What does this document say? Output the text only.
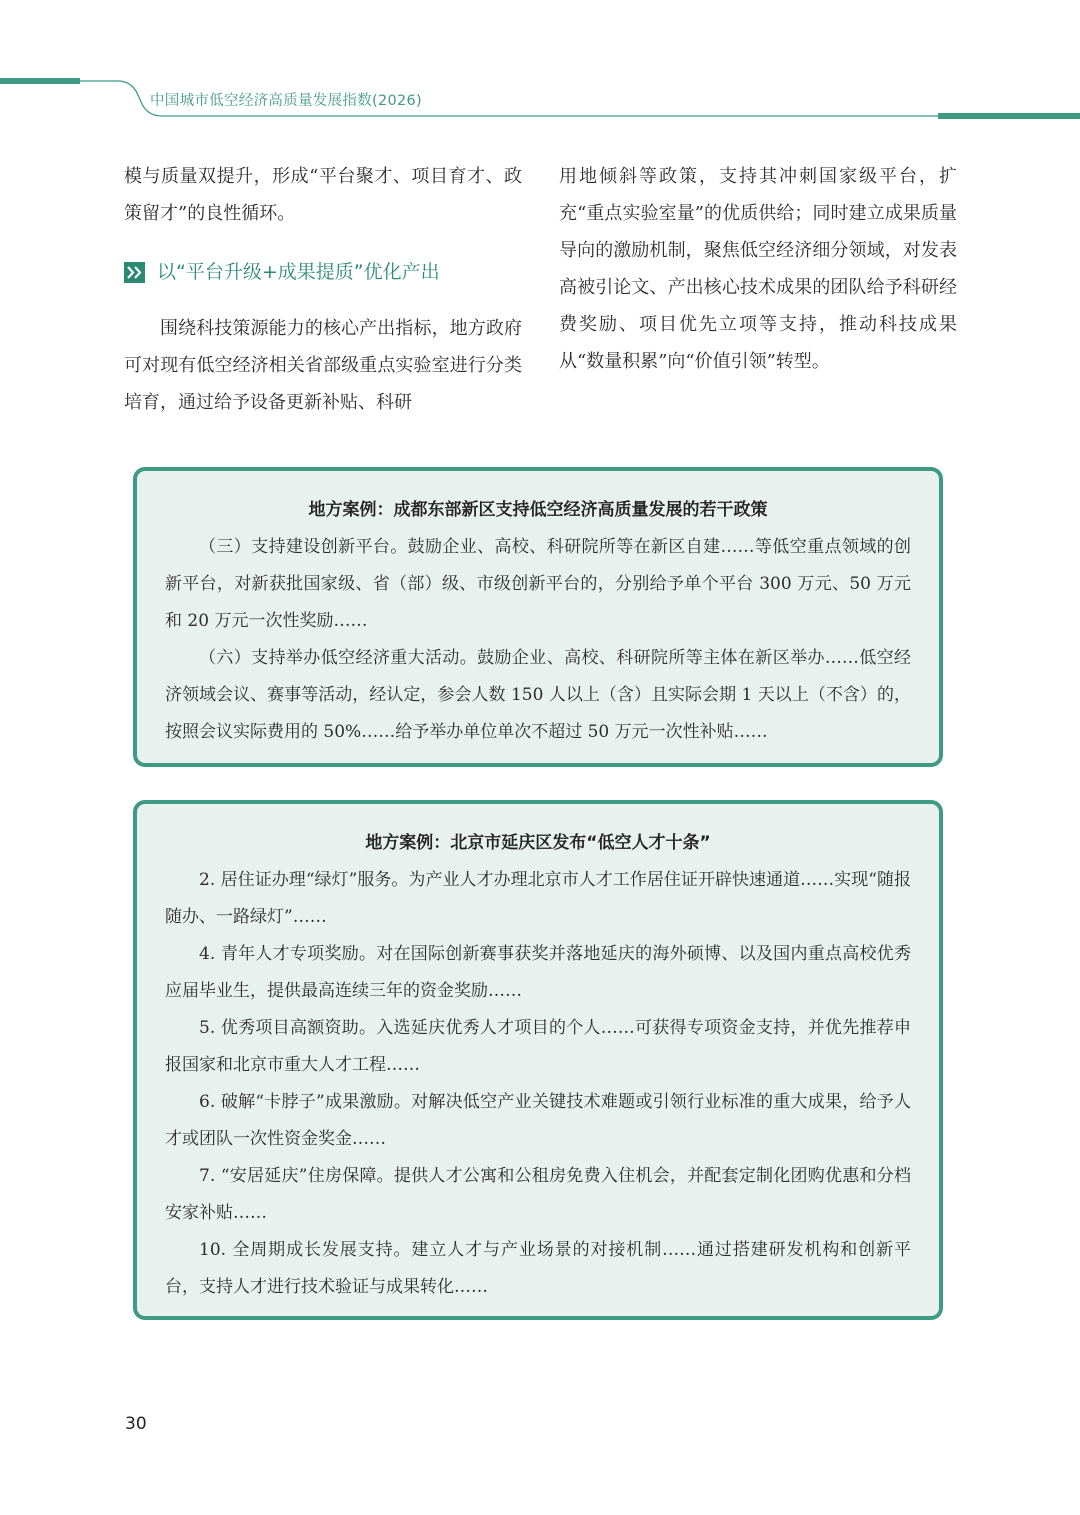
中国城市低空经济高质量发展指数(2026)

模与质量双提升，形成“平台聚才、项目育才、政策留才”的良性循环。

以“平台升级+成果提质”优化产出

围绕科技策源能力的核心产出指标，地方政府可对现有低空经济相关省部级重点实验室进行分类培育，通过给予设备更新补贴、科研

用地倾斜等政策，支持其冲刺国家级平台，扩充“重点实验室量”的优质供给；同时建立成果质量导向的激励机制，聚焦低空经济细分领域，对发表高被引论文、产出核心技术成果的团队给予科研经费奖励、项目优先立项等支持，推动科技成果从“数量积累”向“价值引领”转型。

地方案例：成都东部新区支持低空经济高质量发展的若干政策

（三）支持建设创新平台。鼓励企业、高校、科研院所等在新区自建……等低空重点领域的创新平台，对新获批国家级、省（部）级、市级创新平台的，分别给予单个平台 300 万元、50 万元和 20 万元一次性奖励……

（六）支持举办低空经济重大活动。鼓励企业、高校、科研院所等主体在新区举办……低空经济领域会议、赛事等活动，经认定，参会人数 150 人以上（含）且实际会期 1 天以上（不含）的，按照会议实际费用的 50%……给予举办单位单次不超过 50 万元一次性补贴……

地方案例：北京市延庆区发布“低空人才十条”

2. 居住证办理“绿灯”服务。为产业人才办理北京市人才工作居住证开辟快速通道……实现“随报随办、一路绿灯”……

4. 青年人才专项奖励。对在国际创新赛事获奖并落地延庆的海外硕博、以及国内重点高校优秀应届毕业生，提供最高连续三年的资金奖励……

5. 优秀项目高额资助。入选延庆优秀人才项目的个人……可获得专项资金支持，并优先推荐申报国家和北京市重大人才工程……

6. 破解“卡脖子”成果激励。对解决低空产业关键技术难题或引领行业标准的重大成果，给予人才或团队一次性资金奖金……

7. “安居延庆”住房保障。提供人才公寓和公租房免费入住机会，并配套定制化团购优惠和分档安家补贴……

10. 全周期成长发展支持。建立人才与产业场景的对接机制……通过搭建研发机构和创新平台，支持人才进行技术验证与成果转化……

30
